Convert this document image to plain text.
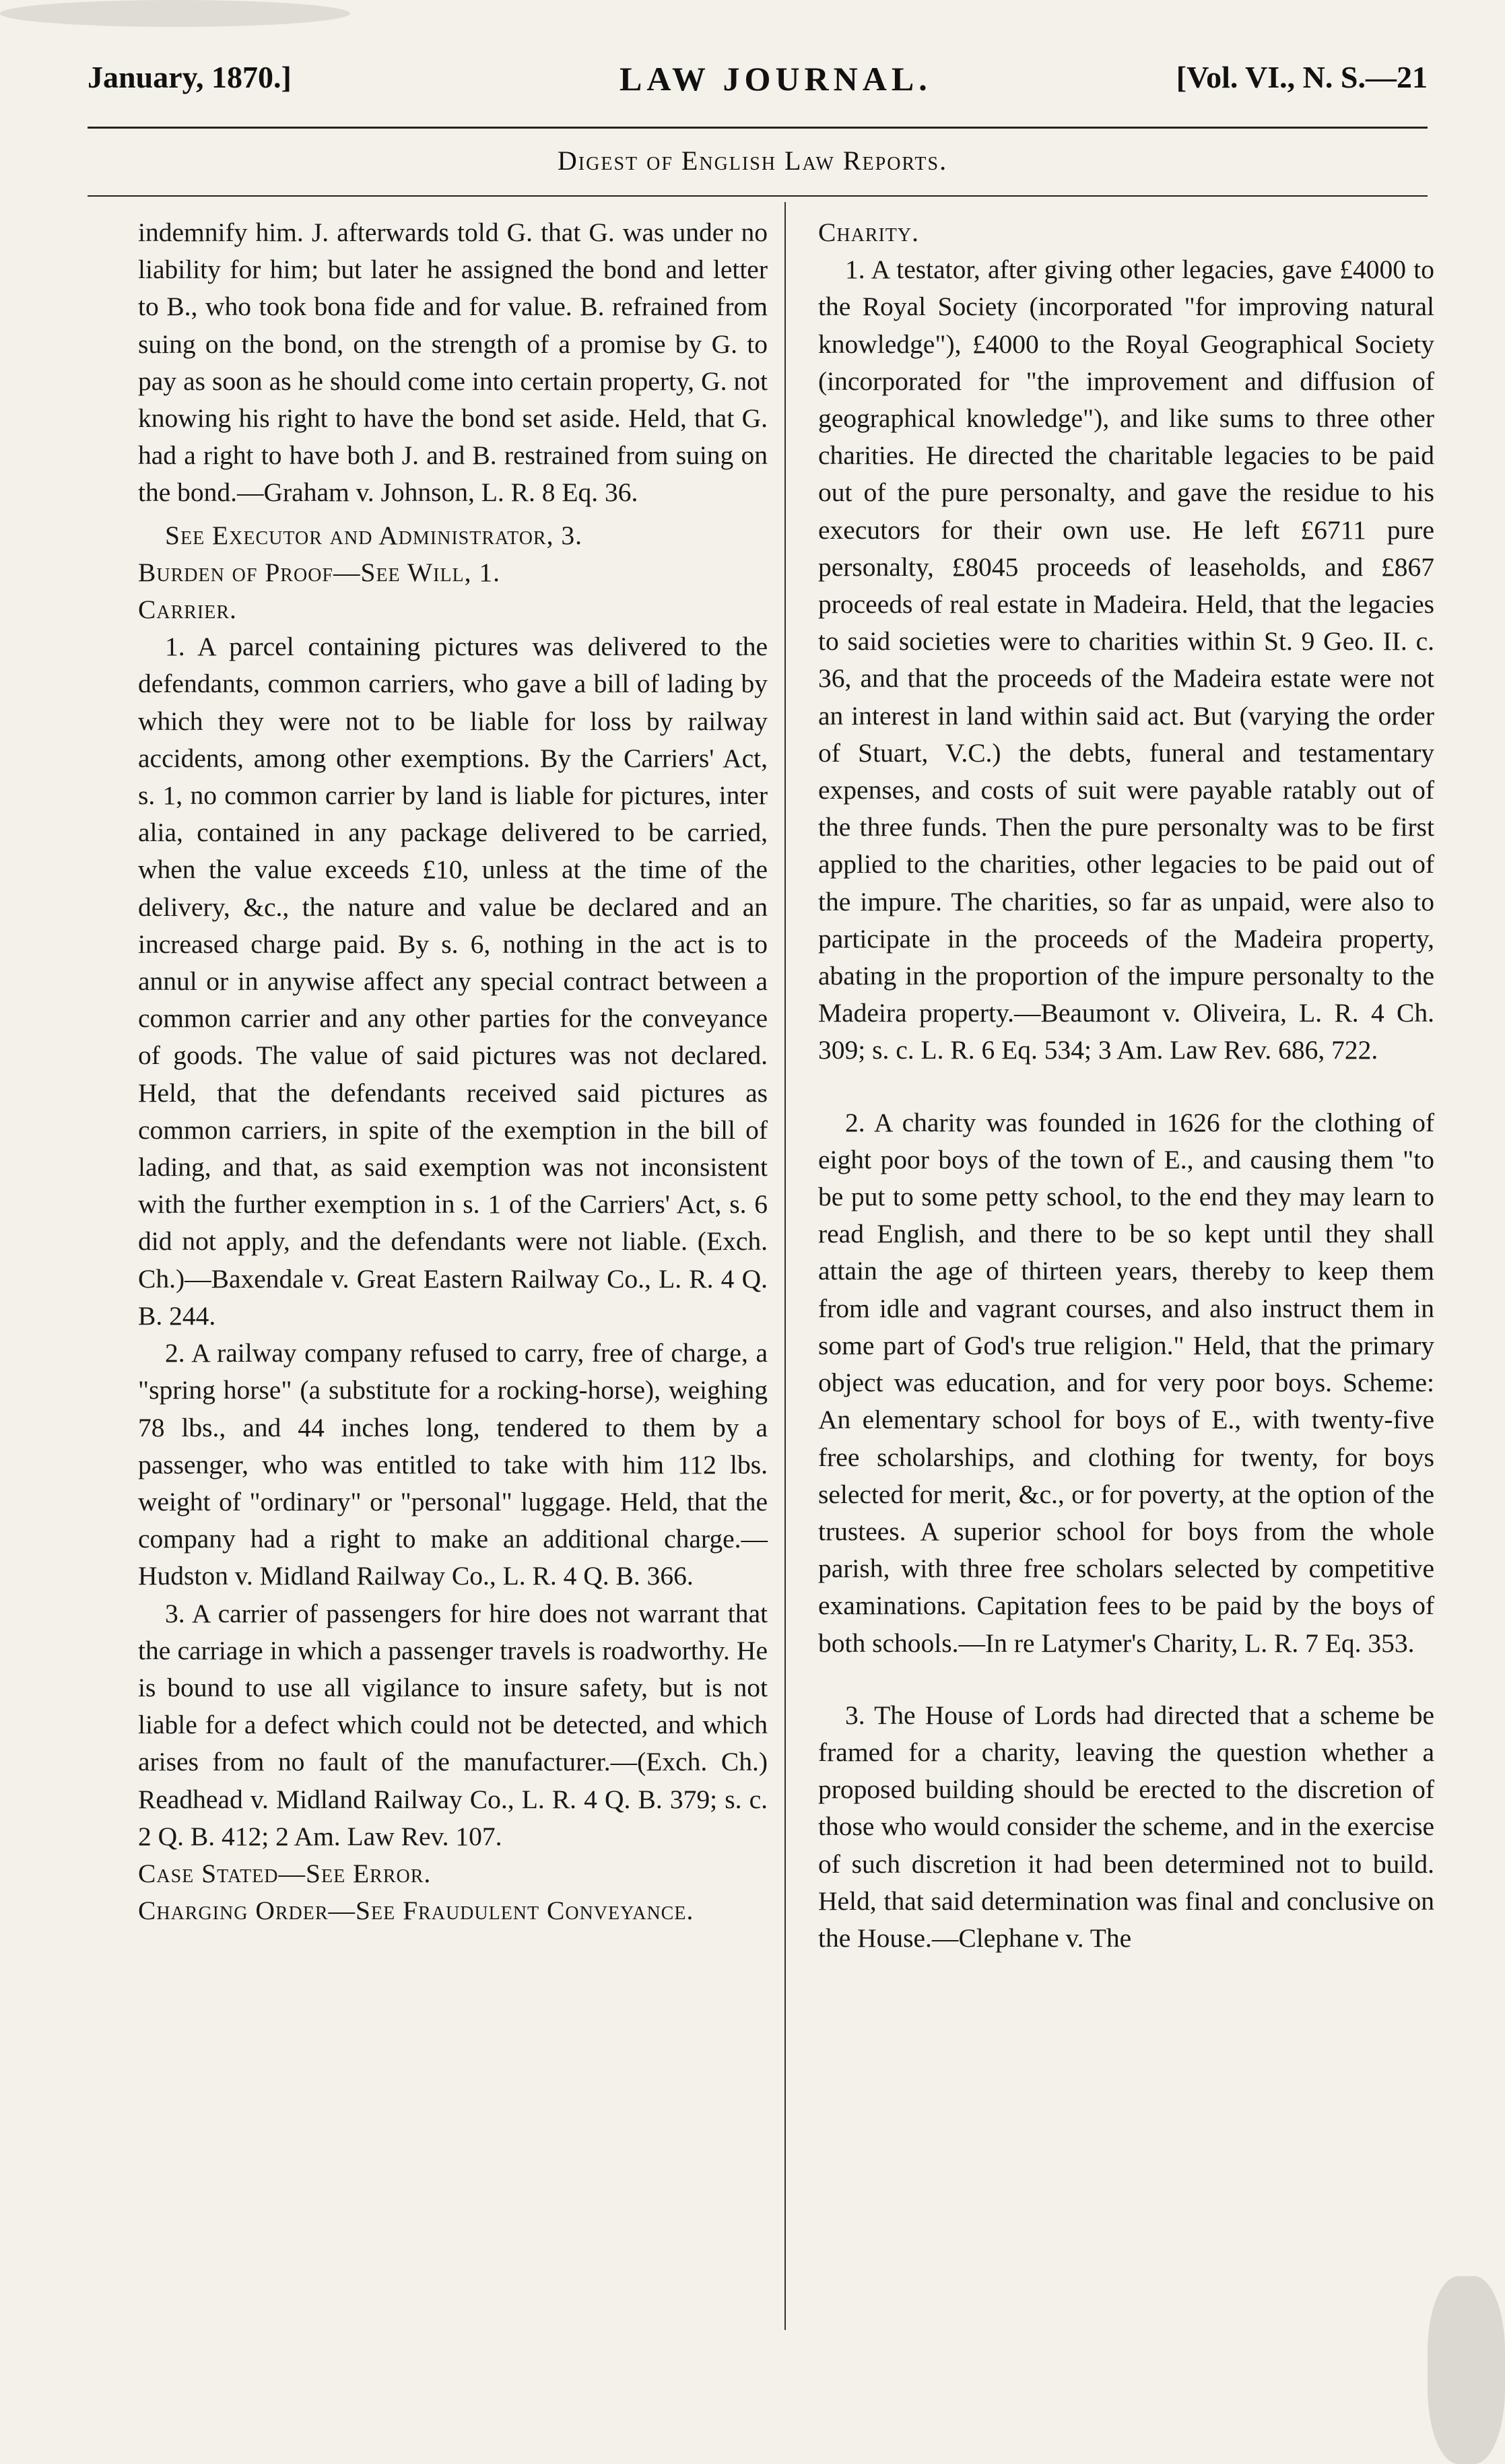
January, 1870.]	LAW JOURNAL.	[Vol. VI., N. S.—21
Digest of English Law Reports.

indemnify him. J. afterwards told G. that G. was under no liability for him; but later he assigned the bond and letter to B., who took bona fide and for value. B. refrained from suing on the bond, on the strength of a promise by G. to pay as soon as he should come into certain property, G. not knowing his right to have the bond set aside. Held, that G. had a right to have both J. and B. restrained from suing on the bond.—Graham v. Johnson, L. R. 8 Eq. 36.

See Executor and Administrator, 3.

Burden of Proof—See Will, 1.

Carrier.

1. A parcel containing pictures was delivered to the defendants, common carriers, who gave a bill of lading by which they were not to be liable for loss by railway accidents, among other exemptions. By the Carriers' Act, s. 1, no common carrier by land is liable for pictures, inter alia, contained in any package delivered to be carried, when the value exceeds £10, unless at the time of the delivery, &c., the nature and value be declared and an increased charge paid. By s. 6, nothing in the act is to annul or in anywise affect any special contract between a common carrier and any other parties for the conveyance of goods. The value of said pictures was not declared. Held, that the defendants received said pictures as common carriers, in spite of the exemption in the bill of lading, and that, as said exemption was not inconsistent with the further exemption in s. 1 of the Carriers' Act, s. 6 did not apply, and the defendants were not liable. (Exch. Ch.)—Baxendale v. Great Eastern Railway Co., L. R. 4 Q. B. 244.

2. A railway company refused to carry, free of charge, a "spring horse" (a substitute for a rocking-horse), weighing 78 lbs., and 44 inches long, tendered to them by a passenger, who was entitled to take with him 112 lbs. weight of "ordinary" or "personal" luggage. Held, that the company had a right to make an additional charge.—Hudston v. Midland Railway Co., L. R. 4 Q. B. 366.

3. A carrier of passengers for hire does not warrant that the carriage in which a passenger travels is roadworthy. He is bound to use all vigilance to insure safety, but is not liable for a defect which could not be detected, and which arises from no fault of the manufacturer.—(Exch. Ch.) Readhead v. Midland Railway Co., L. R. 4 Q. B. 379; s. c. 2 Q. B. 412; 2 Am. Law Rev. 107.

Case Stated—See Error.

Charging Order—See Fraudulent Conveyance.

Charity.

1. A testator, after giving other legacies, gave £4000 to the Royal Society (incorporated "for improving natural knowledge"), £4000 to the Royal Geographical Society (incorporated for "the improvement and diffusion of geographical knowledge"), and like sums to three other charities. He directed the charitable legacies to be paid out of the pure personalty, and gave the residue to his executors for their own use. He left £6711 pure personalty, £8045 proceeds of leaseholds, and £867 proceeds of real estate in Madeira. Held, that the legacies to said societies were to charities within St. 9 Geo. II. c. 36, and that the proceeds of the Madeira estate were not an interest in land within said act. But (varying the order of Stuart, V.C.) the debts, funeral and testamentary expenses, and costs of suit were payable ratably out of the three funds. Then the pure personalty was to be first applied to the charities, other legacies to be paid out of the impure. The charities, so far as unpaid, were also to participate in the proceeds of the Madeira property, abating in the proportion of the impure personalty to the Madeira property.—Beaumont v. Oliveira, L. R. 4 Ch. 309; s. c. L. R. 6 Eq. 534; 3 Am. Law Rev. 686, 722.

2. A charity was founded in 1626 for the clothing of eight poor boys of the town of E., and causing them "to be put to some petty school, to the end they may learn to read English, and there to be so kept until they shall attain the age of thirteen years, thereby to keep them from idle and vagrant courses, and also instruct them in some part of God's true religion." Held, that the primary object was education, and for very poor boys. Scheme: An elementary school for boys of E., with twenty-five free scholarships, and clothing for twenty, for boys selected for merit, &c., or for poverty, at the option of the trustees. A superior school for boys from the whole parish, with three free scholars selected by competitive examinations. Capitation fees to be paid by the boys of both schools.—In re Latymer's Charity, L. R. 7 Eq. 353.

3. The House of Lords had directed that a scheme be framed for a charity, leaving the question whether a proposed building should be erected to the discretion of those who would consider the scheme, and in the exercise of such discretion it had been determined not to build. Held, that said determination was final and conclusive on the House.—Clephane v. The
